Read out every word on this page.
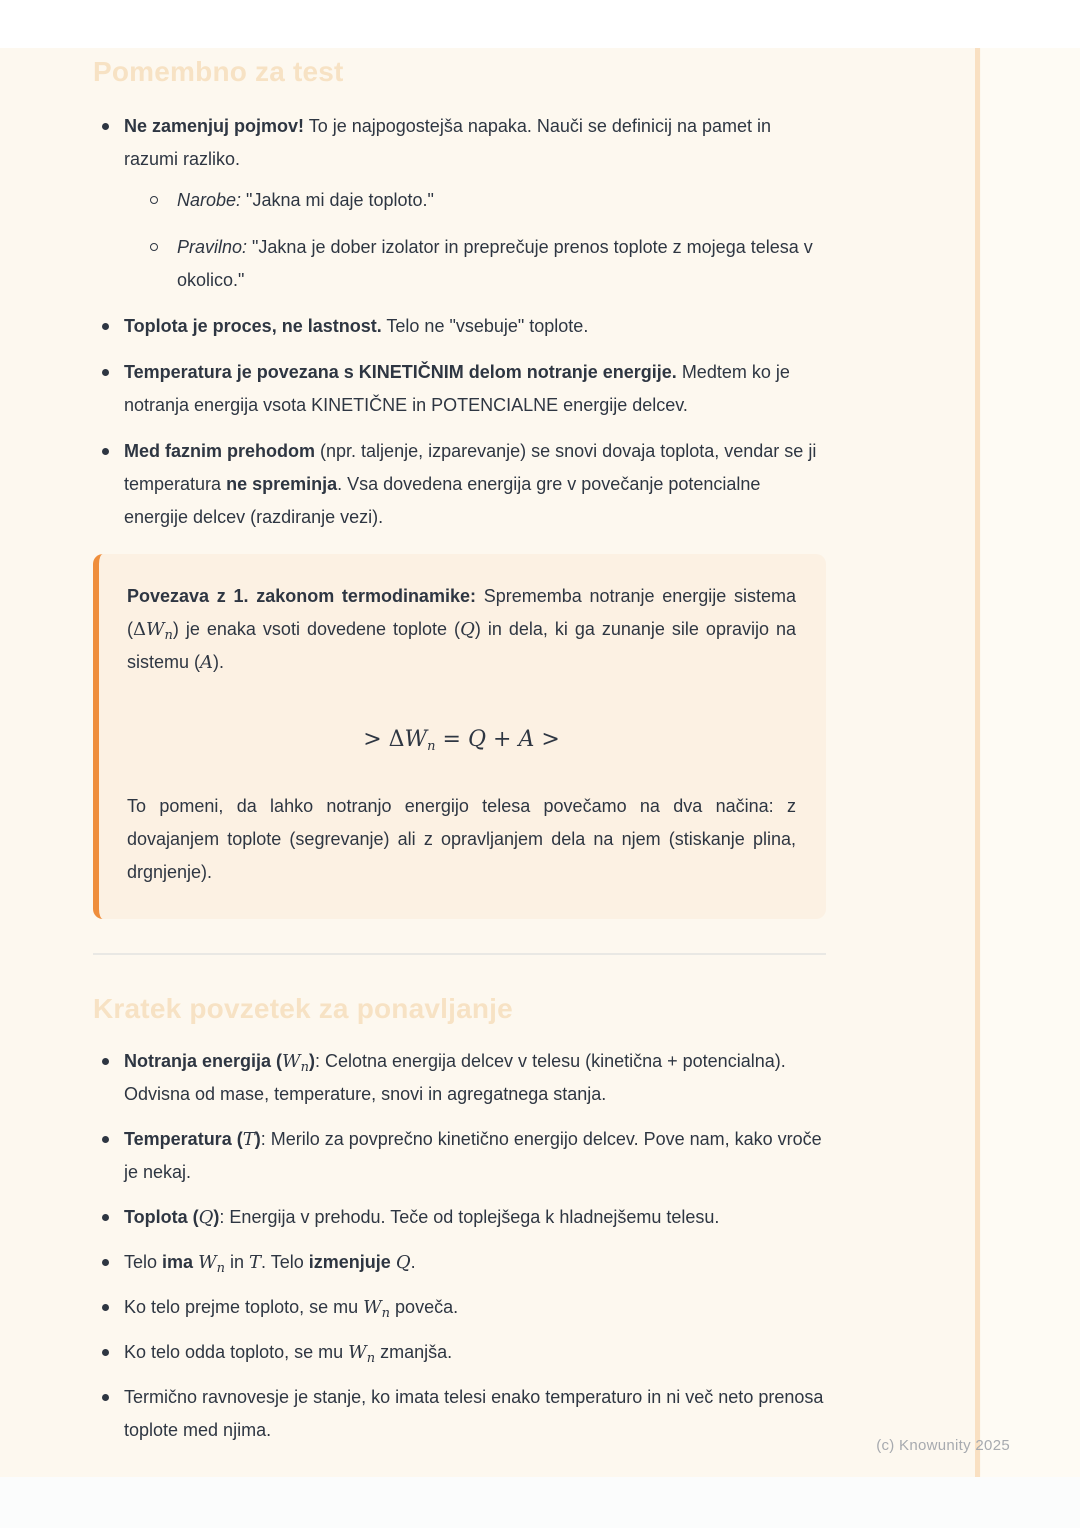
Pomembno za test
Ne zamenjuj pojmov! To je najpogostejša napaka. Nauči se definicij na pamet in razumi razliko.
Narobe: "Jakna mi daje toploto."
Pravilno: "Jakna je dober izolator in preprečuje prenos toplote z mojega telesa v okolico."
Toplota je proces, ne lastnost. Telo ne "vsebuje" toplote.
Temperatura je povezana s KINETIČNIM delom notranje energije. Medtem ko je notranja energija vsota KINETIČNE in POTENCIALNE energije delcev.
Med faznim prehodom (npr. taljenje, izparevanje) se snovi dovaja toplota, vendar se ji temperatura ne spreminja. Vsa dovedena energija gre v povečanje potencialne energije delcev (razdiranje vezi).

Povezava z 1. zakonom termodinamike: Sprememba notranje energije sistema $(\Delta W_n)$ je enaka vsoti dovedene toplote (Q) in dela, ki ga zunanje sile opravijo na sistemu (A).

> $\Delta W_n = Q + A$ >

To pomeni, da lahko notranjo energijo telesa povečamo na dva načina: z dovajanjem toplote (segrevanje) ali z opravljanjem dela na njem (stiskanje plina, drgnjenje).

Kratek povzetek za ponavljanje
Notranja energija $(W_n)$: Celotna energija delcev v telesu (kinetična + potencialna). Odvisna od mase, temperature, snovi in agregatnega stanja.
Temperatura (T): Merilo za povprečno kinetično energijo delcev. Pove nam, kako vroče je nekaj.
Toplota (Q): Energija v prehodu. Teče od toplejšega k hladnejšemu telesu.
Telo ima $W_n$ in T. Telo izmenjuje Q.
Ko telo prejme toploto, se mu $W_n$ poveča.
Ko telo odda toploto, se mu $W_n$ zmanjša.
Termično ravnovesje je stanje, ko imata telesi enako temperaturo in ni več neto prenosa toplote med njima.
(c) Knowunity 2025
